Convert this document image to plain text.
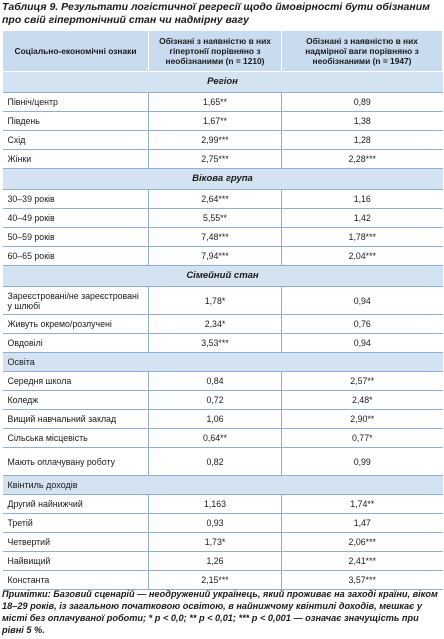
Таблиця 9. Результати логістичної регресії щодо ймовірності бути обізнаним про свій гіпертонічний стан чи надмірну вагу
Соціально-економічні ознаки	Обізнані з наявністю в них гіпертонії порівняно з необізнаними (n = 1210)	Обізнані з наявністю в них надмірної ваги порівняно з необізнаними (n = 1947)
Регіон		
Північ/центр	1,65**	0,89
Південь	1,67**	1,38
Схід	2,99***	1,28
Жінки	2,75***	2,28***
Вікова група		
30–39 років	2,64***	1,16
40–49 років	5,55**	1,42
50–59 років	7,48***	1,78***
60–65 років	7,94***	2,04***
Сімейний стан		
Зареєстровані/не зареєстровані у шлюбі	1,78*	0,94
Живуть окремо/розлучені	2,34*	0,76
Овдовілі	3,53***	0,94
Освіта		
Середня школа	0,84	2,57**
Коледж	0,72	2,48*
Вищий навчальний заклад	1,06	2,90**
Сільська місцевість	0,64**	0,77*
Мають оплачувану роботу	0,82	0,99
Квінтиль доходів		
Другий найнижчий	1,163	1,74**
Третій	0,93	1,47
Четвертий	1,73*	2,06***
Найвищий	1,26	2,41***
Константа	2,15***	3,57***
Примітки: Базовий сценарій — неодружений українець, який проживає на заході країни, віком 18–29 років, із загальною початковою освітою, в найнижчому квінтилі доходів, мешкає у місті без оплачуваної роботи; * p < 0,0; ** p < 0,01; *** p < 0,001 — означає значущість при рівні 5 %.
